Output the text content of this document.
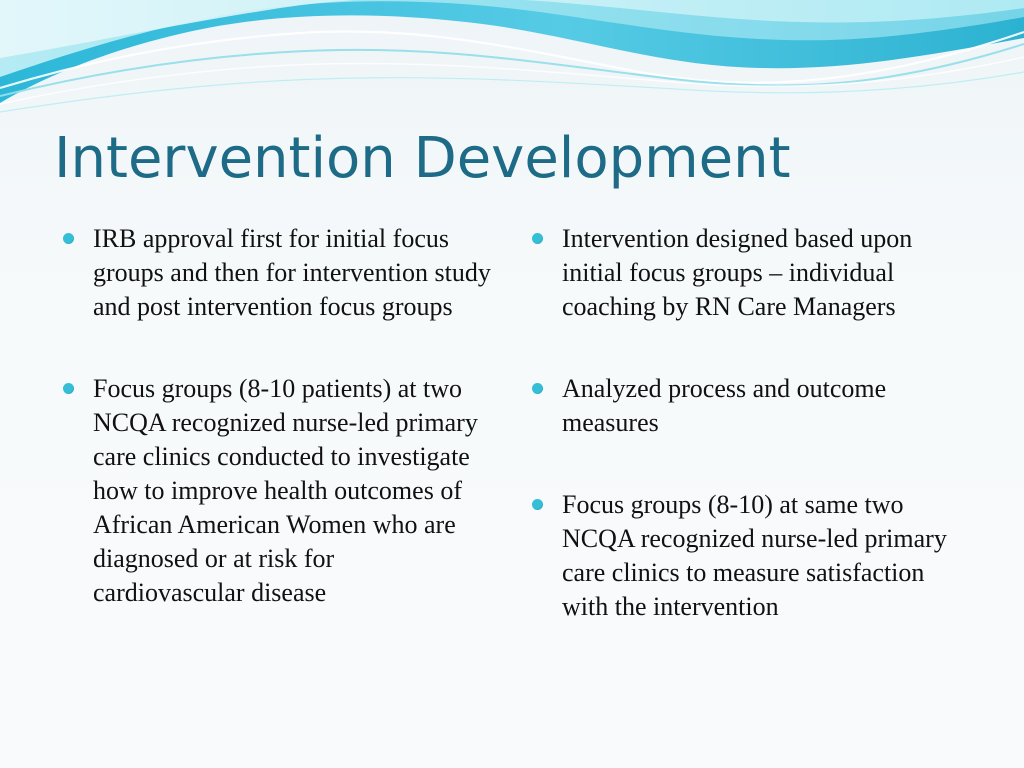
Intervention Development
IRB approval first for initial focus groups and then for intervention study and post intervention focus groups
Focus groups (8-10 patients) at two NCQA recognized nurse-led primary care clinics conducted to investigate how to improve health outcomes of African American Women who are diagnosed or at risk for cardiovascular disease
Intervention designed based upon initial focus groups – individual coaching by RN Care Managers
Analyzed process and outcome measures
Focus groups (8-10) at same two NCQA recognized nurse-led primary care clinics to measure satisfaction with the intervention
